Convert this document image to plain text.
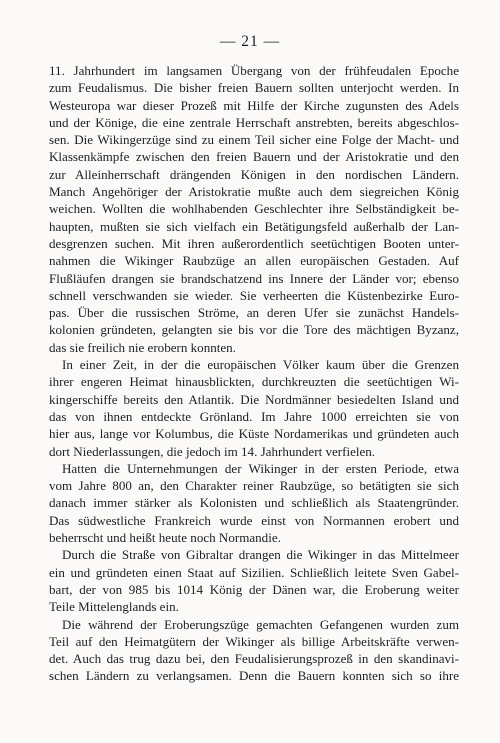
— 21 —

11. Jahrhundert im langsamen Übergang von der frühfeudalen Epoche
zum Feudalismus. Die bisher freien Bauern sollten unterjocht werden. In
Westeuropa war dieser Prozeß mit Hilfe der Kirche zugunsten des Adels
und der Könige, die eine zentrale Herrschaft anstrebten, bereits abgeschlos-
sen. Die Wikingerzüge sind zu einem Teil sicher eine Folge der Macht- und
Klassenkämpfe zwischen den freien Bauern und der Aristokratie und den
zur Alleinherrschaft drängenden Königen in den nordischen Ländern.
Manch Angehöriger der Aristokratie mußte auch dem siegreichen König
weichen. Wollten die wohlhabenden Geschlechter ihre Selbständigkeit be-
haupten, mußten sie sich vielfach ein Betätigungsfeld außerhalb der Lan-
desgrenzen suchen. Mit ihren außerordentlich seetüchtigen Booten unter-
nahmen die Wikinger Raubzüge an allen europäischen Gestaden. Auf
Flußläufen drangen sie brandschatzend ins Innere der Länder vor; ebenso
schnell verschwanden sie wieder. Sie verheerten die Küstenbezirke Euro-
pas. Über die russischen Ströme, an deren Ufer sie zunächst Handels-
kolonien gründeten, gelangten sie bis vor die Tore des mächtigen Byzanz,
das sie freilich nie erobern konnten.

In einer Zeit, in der die europäischen Völker kaum über die Grenzen
ihrer engeren Heimat hinausblickten, durchkreuzten die seetüchtigen Wi-
kingerschiffe bereits den Atlantik. Die Nordmänner besiedelten Island und
das von ihnen entdeckte Grönland. Im Jahre 1000 erreichten sie von
hier aus, lange vor Kolumbus, die Küste Nordamerikas und gründeten auch
dort Niederlassungen, die jedoch im 14. Jahrhundert verfielen.

Hatten die Unternehmungen der Wikinger in der ersten Periode, etwa
vom Jahre 800 an, den Charakter reiner Raubzüge, so betätigten sie sich
danach immer stärker als Kolonisten und schließlich als Staatengründer.
Das südwestliche Frankreich wurde einst von Normannen erobert und
beherrscht und heißt heute noch Normandie.

Durch die Straße von Gibraltar drangen die Wikinger in das Mittelmeer
ein und gründeten einen Staat auf Sizilien. Schließlich leitete Sven Gabel-
bart, der von 985 bis 1014 König der Dänen war, die Eroberung weiter
Teile Mittelenglands ein.

Die während der Eroberungszüge gemachten Gefangenen wurden zum
Teil auf den Heimatgütern der Wikinger als billige Arbeitskräfte verwen-
det. Auch das trug dazu bei, den Feudalisierungsprozeß in den skandinavi-
schen Ländern zu verlangsamen. Denn die Bauern konnten sich so ihre
